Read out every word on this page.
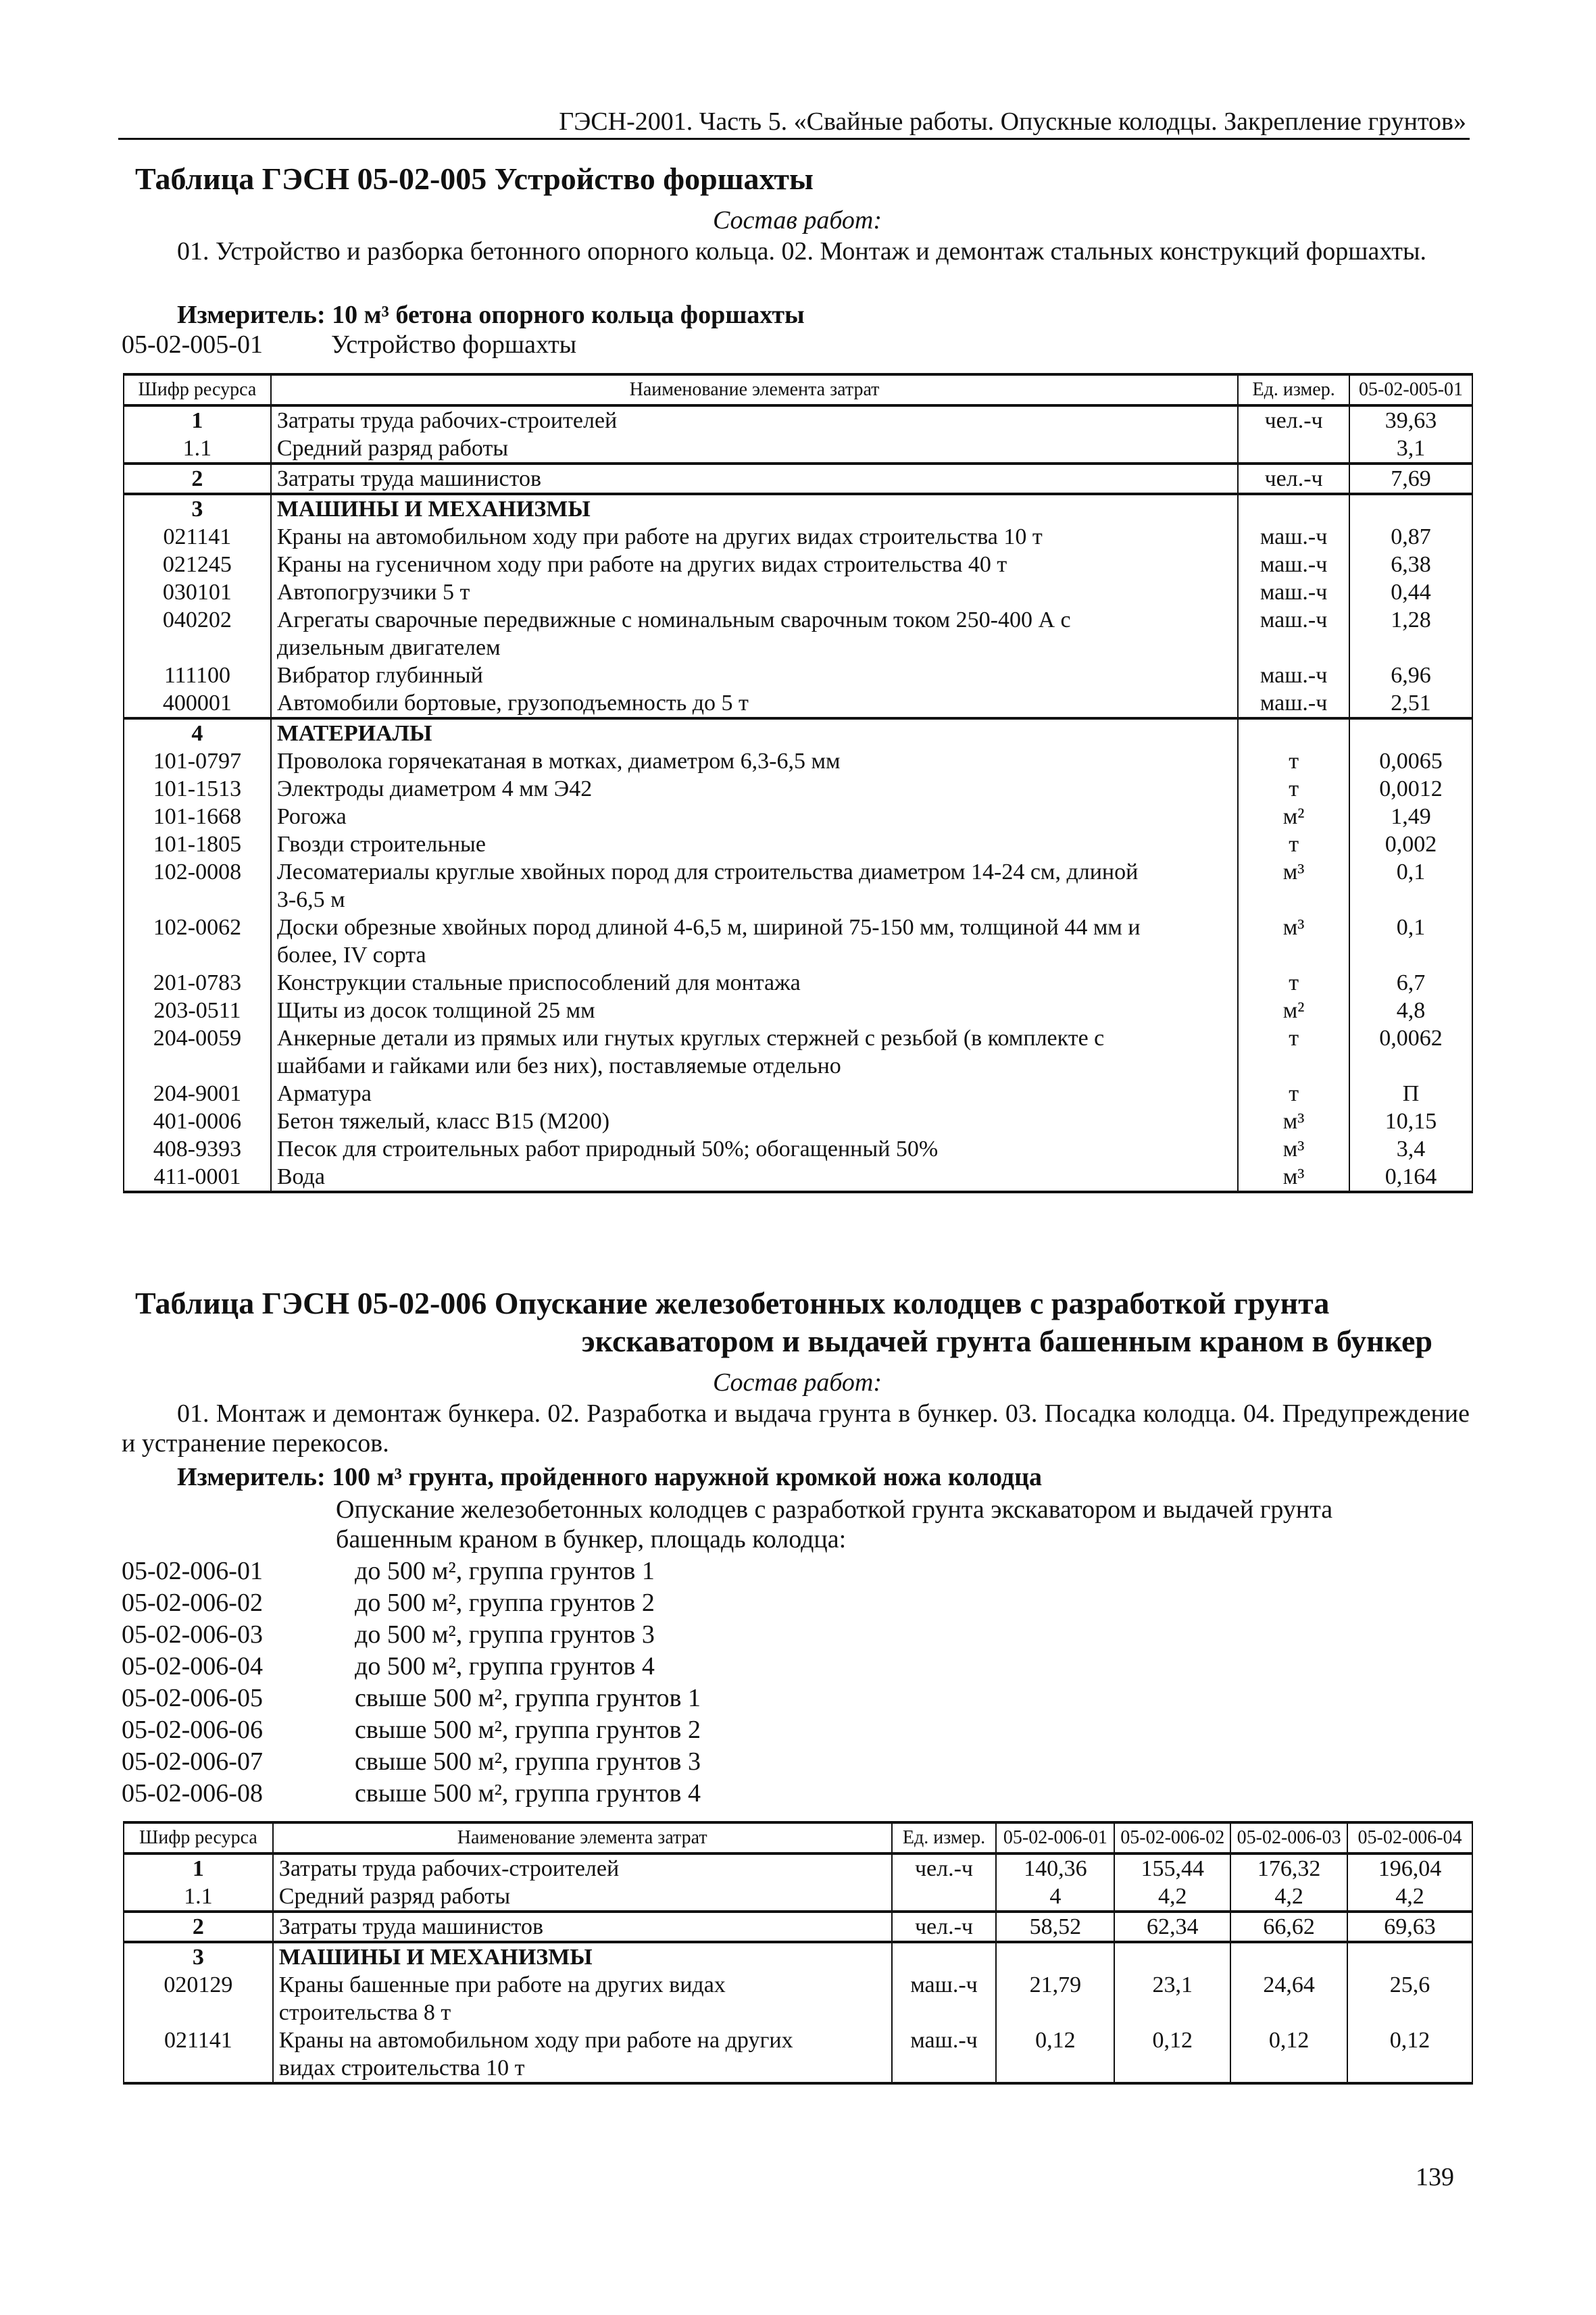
ГЭСН-2001. Часть 5. «Свайные работы. Опускные колодцы. Закрепление грунтов»
Таблица ГЭСН 05-02-005 Устройство форшахты
Состав работ:
01. Устройство и разборка бетонного опорного кольца. 02. Монтаж и демонтаж стальных конструкций форшахты.
Измеритель: 10 м³ бетона опорного кольца форшахты
05-02-005-01	Устройство форшахты
Шифр ресурса	Наименование элемента затрат	Ед. измер.	05-02-005-01
1	Затраты труда рабочих-строителей	чел.-ч	39,63
1.1	Средний разряд работы		3,1
2	Затраты труда машинистов	чел.-ч	7,69
3	МАШИНЫ И МЕХАНИЗМЫ		
021141	Краны на автомобильном ходу при работе на других видах строительства 10 т	маш.-ч	0,87
021245	Краны на гусеничном ходу при работе на других видах строительства 40 т	маш.-ч	6,38
030101	Автопогрузчики 5 т	маш.-ч	0,44
040202	Агрегаты сварочные передвижные с номинальным сварочным током 250-400 А с
дизельным двигателем	маш.-ч	1,28
111100	Вибратор глубинный	маш.-ч	6,96
400001	Автомобили бортовые, грузоподъемность до 5 т	маш.-ч	2,51
4	МАТЕРИАЛЫ		
101-0797	Проволока горячекатаная в мотках, диаметром 6,3-6,5 мм	т	0,0065
101-1513	Электроды диаметром 4 мм Э42	т	0,0012
101-1668	Рогожа	м²	1,49
101-1805	Гвозди строительные	т	0,002
102-0008	Лесоматериалы круглые хвойных пород для строительства диаметром 14-24 см, длиной
3-6,5 м	м³	0,1
102-0062	Доски обрезные хвойных пород длиной 4-6,5 м, шириной 75-150 мм, толщиной 44 мм и
более, IV сорта	м³	0,1
201-0783	Конструкции стальные приспособлений для монтажа	т	6,7
203-0511	Щиты из досок толщиной 25 мм	м²	4,8
204-0059	Анкерные детали из прямых или гнутых круглых стержней с резьбой (в комплекте с
шайбами и гайками или без них), поставляемые отдельно	т	0,0062
204-9001	Арматура	т	П
401-0006	Бетон тяжелый, класс В15 (М200)	м³	10,15
408-9393	Песок для строительных работ природный 50%; обогащенный 50%	м³	3,4
411-0001	Вода	м³	0,164
Таблица ГЭСН 05-02-006 Опускание железобетонных колодцев с разработкой грунта
экскаватором и выдачей грунта башенным краном в бункер
Состав работ:
01. Монтаж и демонтаж бункера. 02. Разработка и выдача грунта в бункер. 03. Посадка колодца. 04. Предупреждение и устранение перекосов.
Измеритель: 100 м³ грунта, пройденного наружной кромкой ножа колодца
Опускание железобетонных колодцев с разработкой грунта экскаватором и выдачей грунта башенным краном в бункер, площадь колодца:
05-02-006-01	до 500 м², группа грунтов 1
05-02-006-02	до 500 м², группа грунтов 2
05-02-006-03	до 500 м², группа грунтов 3
05-02-006-04	до 500 м², группа грунтов 4
05-02-006-05	свыше 500 м², группа грунтов 1
05-02-006-06	свыше 500 м², группа грунтов 2
05-02-006-07	свыше 500 м², группа грунтов 3
05-02-006-08	свыше 500 м², группа грунтов 4
Шифр ресурса	Наименование элемента затрат	Ед. измер.	05-02-006-01	05-02-006-02	05-02-006-03	05-02-006-04
1	Затраты труда рабочих-строителей	чел.-ч	140,36	155,44	176,32	196,04
1.1	Средний разряд работы		4	4,2	4,2	4,2
2	Затраты труда машинистов	чел.-ч	58,52	62,34	66,62	69,63
3	МАШИНЫ И МЕХАНИЗМЫ					
020129	Краны башенные при работе на других видах
строительства 8 т	маш.-ч	21,79	23,1	24,64	25,6
021141	Краны на автомобильном ходу при работе на других
видах строительства 10 т	маш.-ч	0,12	0,12	0,12	0,12
139
